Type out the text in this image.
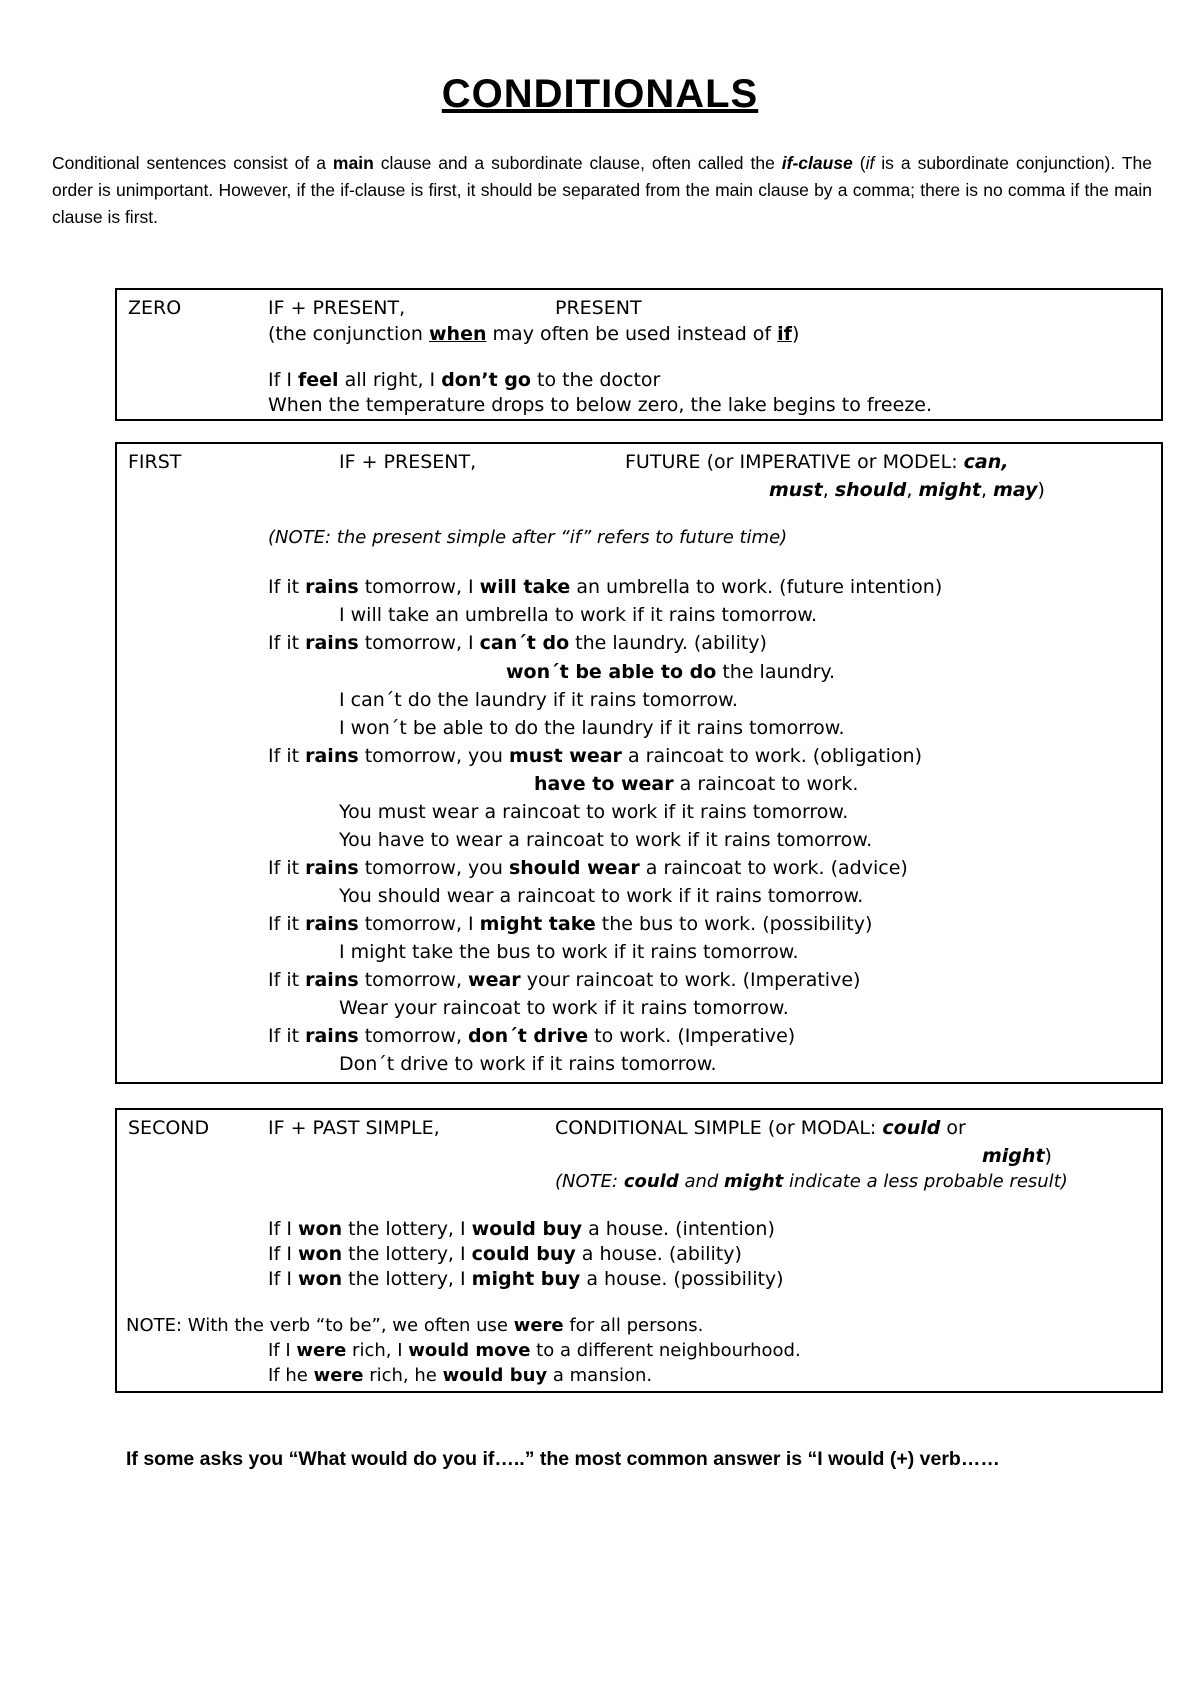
CONDITIONALS
Conditional sentences consist of a main clause and a subordinate clause, often called the if-clause (if is a subordinate conjunction). The order is unimportant. However, if the if-clause is first, it should be separated from the main clause by a comma; there is no comma if the main clause is first.
ZERO	IF + PRESENT,	PRESENT
(the conjunction when may often be used instead of if)
If I feel all right, I don’t go to the doctor
When the temperature drops to below zero, the lake begins to freeze.
FIRST	IF + PRESENT,	FUTURE (or IMPERATIVE or MODEL: can,
must, should, might, may)
(NOTE: the present simple after “if” refers to future time)
If it rains tomorrow, I will take an umbrella to work. (future intention)
I will take an umbrella to work if it rains tomorrow.
If it rains tomorrow, I can´t do the laundry. (ability)
won´t be able to do the laundry.
I can´t do the laundry if it rains tomorrow.
I won´t be able to do the laundry if it rains tomorrow.
If it rains tomorrow, you must wear a raincoat to work. (obligation)
have to wear a raincoat to work.
You must wear a raincoat to work if it rains tomorrow.
You have to wear a raincoat to work if it rains tomorrow.
If it rains tomorrow, you should wear a raincoat to work. (advice)
You should wear a raincoat to work if it rains tomorrow.
If it rains tomorrow, I might take the bus to work. (possibility)
I might take the bus to work if it rains tomorrow.
If it rains tomorrow, wear your raincoat to work. (Imperative)
Wear your raincoat to work if it rains tomorrow.
If it rains tomorrow, don´t drive to work. (Imperative)
Don´t drive to work if it rains tomorrow.
SECOND	IF + PAST SIMPLE,	CONDITIONAL SIMPLE (or MODAL: could or
might)
(NOTE: could and might indicate a less probable result)
If I won the lottery, I would buy a house. (intention)
If I won the lottery, I could buy a house. (ability)
If I won the lottery, I might buy a house. (possibility)
NOTE: With the verb “to be”, we often use were for all persons.
If I were rich, I would move to a different neighbourhood.
If he were rich, he would buy a mansion.
If some asks you “What would do you if…..” the most common answer is “I would (+) verb……
